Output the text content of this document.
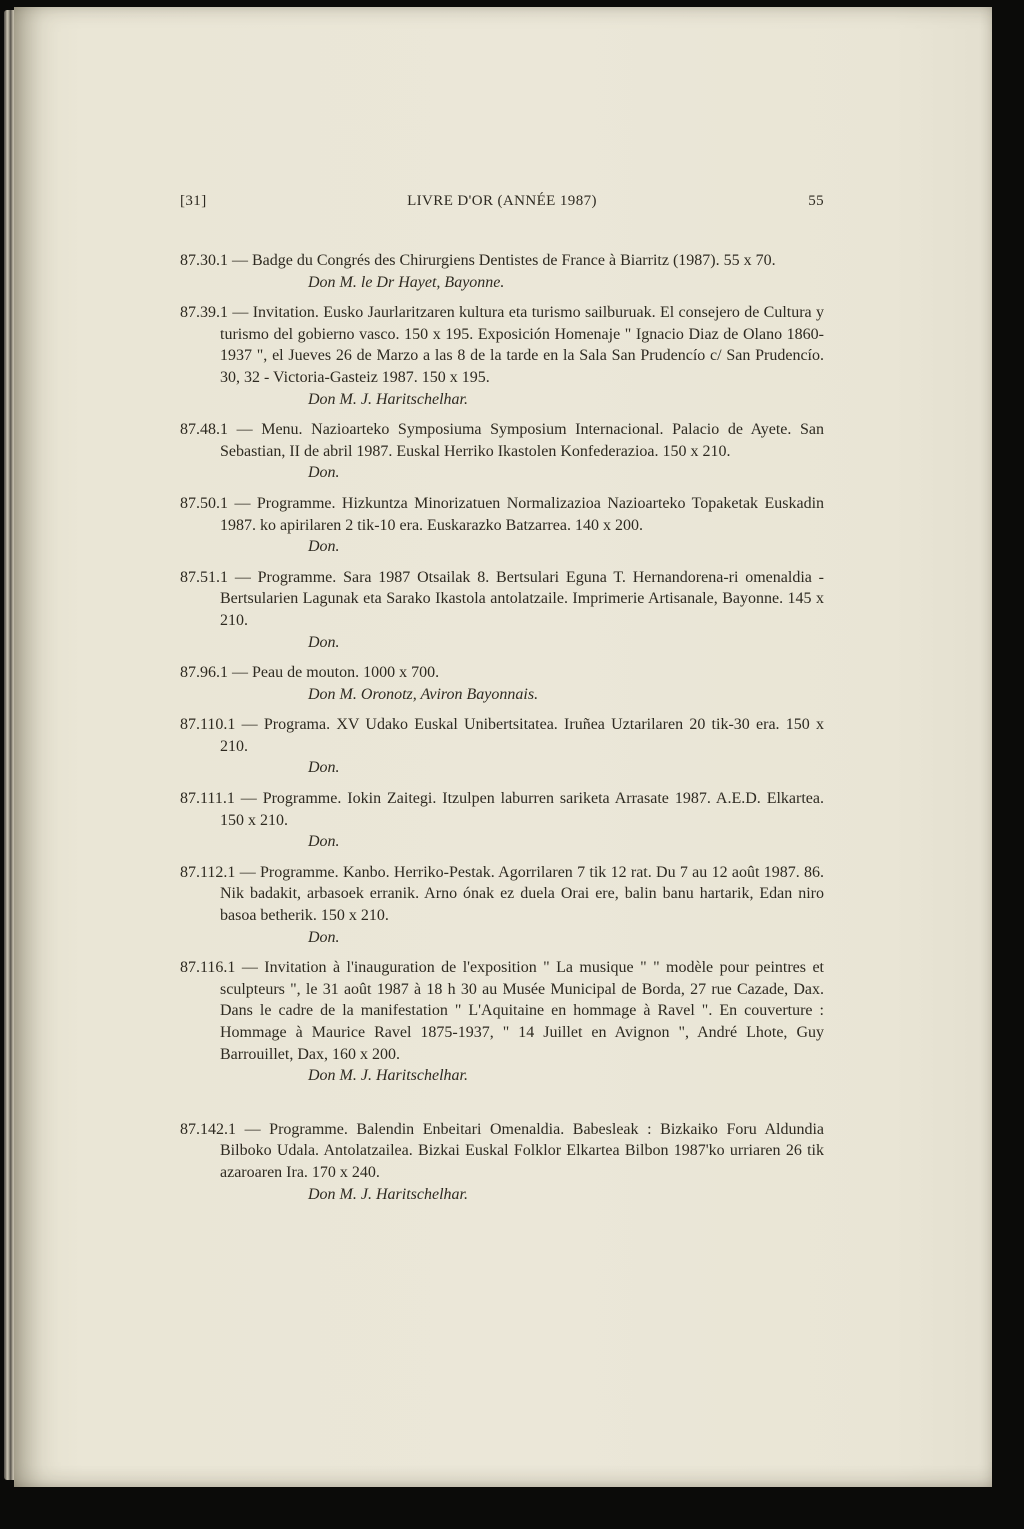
[31]	LIVRE D'OR (ANNÉE 1987)	55

87.30.1 — Badge du Congrés des Chirurgiens Dentistes de France à Biarritz (1987). 55 x 70.

Don M. le Dr Hayet, Bayonne.

87.39.1 — Invitation. Eusko Jaurlaritzaren kultura eta turismo sailburuak. El consejero de Cultura y turismo del gobierno vasco. 150 x 195. Exposición Homenaje " Ignacio Diaz de Olano 1860-1937 ", el Jueves 26 de Marzo a las 8 de la tarde en la Sala San Prudencío c/ San Prudencío. 30, 32 - Victoria-Gasteiz 1987. 150 x 195.

Don M. J. Haritschelhar.

87.48.1 — Menu. Nazioarteko Symposiuma Symposium Internacional. Palacio de Ayete. San Sebastian, II de abril 1987. Euskal Herriko Ikastolen Konfederazioa. 150 x 210.

Don.

87.50.1 — Programme. Hizkuntza Minorizatuen Normalizazioa Nazioarteko Topaketak Euskadin 1987. ko apirilaren 2 tik-10 era. Euskarazko Batzarrea. 140 x 200.

Don.

87.51.1 — Programme. Sara 1987 Otsailak 8. Bertsulari Eguna T. Hernandorena-ri omenaldia - Bertsularien Lagunak eta Sarako Ikastola antolatzaile. Imprimerie Artisanale, Bayonne. 145 x 210.

Don.

87.96.1 — Peau de mouton. 1000 x 700.

Don M. Oronotz, Aviron Bayonnais.

87.110.1 — Programa. XV Udako Euskal Unibertsitatea. Iruñea Uztarilaren 20 tik-30 era. 150 x 210.

Don.

87.111.1 — Programme. Iokin Zaitegi. Itzulpen laburren sariketa Arrasate 1987. A.E.D. Elkartea. 150 x 210.

Don.

87.112.1 — Programme. Kanbo. Herriko-Pestak. Agorrilaren 7 tik 12 rat. Du 7 au 12 août 1987. 86. Nik badakit, arbasoek erranik. Arno ónak ez duela Orai ere, balin banu hartarik, Edan niro basoa betherik. 150 x 210.

Don.

87.116.1 — Invitation à l'inauguration de l'exposition " La musique " " modèle pour peintres et sculpteurs ", le 31 août 1987 à 18 h 30 au Musée Municipal de Borda, 27 rue Cazade, Dax. Dans le cadre de la manifestation " L'Aquitaine en hommage à Ravel ". En couverture : Hommage à Maurice Ravel 1875-1937, " 14 Juillet en Avignon ", André Lhote, Guy Barrouillet, Dax, 160 x 200.

Don M. J. Haritschelhar.

87.142.1 — Programme. Balendin Enbeitari Omenaldia. Babesleak : Bizkaiko Foru Aldundia Bilboko Udala. Antolatzailea. Bizkai Euskal Folklor Elkartea Bilbon 1987'ko urriaren 26 tik azaroaren Ira. 170 x 240.

Don M. J. Haritschelhar.
